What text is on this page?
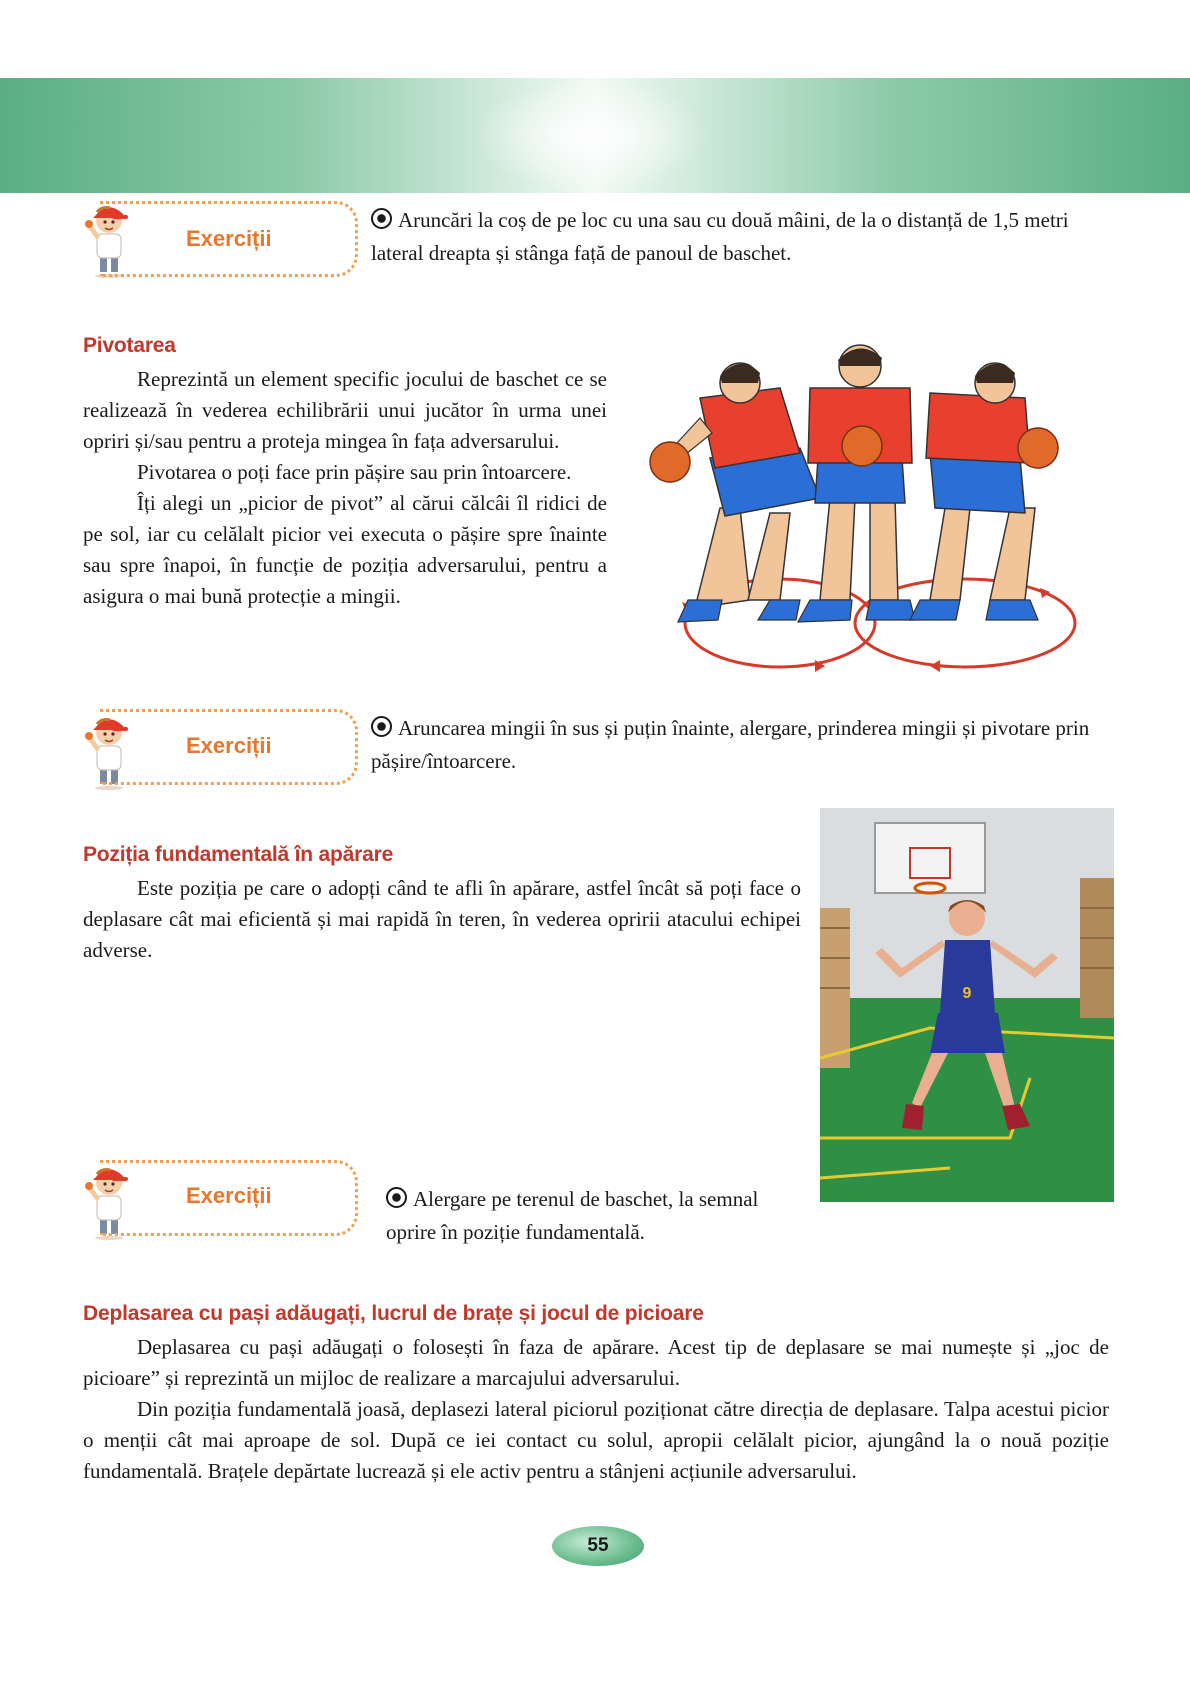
Exerciții
Aruncări la coș de pe loc cu una sau cu două mâini, de la o distanță de 1,5 metri lateral dreapta și stânga față de panoul de baschet.
Pivotarea

Reprezintă un element specific jocului de baschet ce se realizează în vederea echilibrării unui jucător în urma unei opriri și/sau pentru a proteja mingea în fața adversarului.

Pivotarea o poți face prin pășire sau prin întoarcere.

Îți alegi un „picior de pivot” al cărui călcâi îl ridici de pe sol, iar cu celălalt picior vei executa o pășire spre înainte sau spre înapoi, în funcție de poziția adversarului, pentru a asigura o mai bună protecție a mingii.

Exerciții
Aruncarea mingii în sus și puțin înainte, alergare, prinderea mingii și pivotare prin pășire/întoarcere.
Poziția fundamentală în apărare

Este poziția pe care o adopți când te afli în apărare, astfel încât să poți face o deplasare cât mai eficientă și mai rapidă în teren, în vederea opririi atacului echipei adverse.

9
Exerciții	Alergare pe terenul de baschet, la semnal oprire în poziție fundamentală.
Deplasarea cu pași adăugați, lucrul de brațe și jocul de picioare

Deplasarea cu pași adăugați o folosești în faza de apărare. Acest tip de deplasare se mai numește și „joc de picioare” și reprezintă un mijloc de realizare a marcajului adversarului.

Din poziția fundamentală joasă, deplasezi lateral piciorul poziționat către direcția de deplasare. Talpa acestui picior o menții cât mai aproape de sol. După ce iei contact cu solul, apropii celălalt picior, ajungând la o nouă poziție fundamentală. Brațele depărtate lucrează și ele activ pentru a stânjeni acțiunile adversarului.

55
